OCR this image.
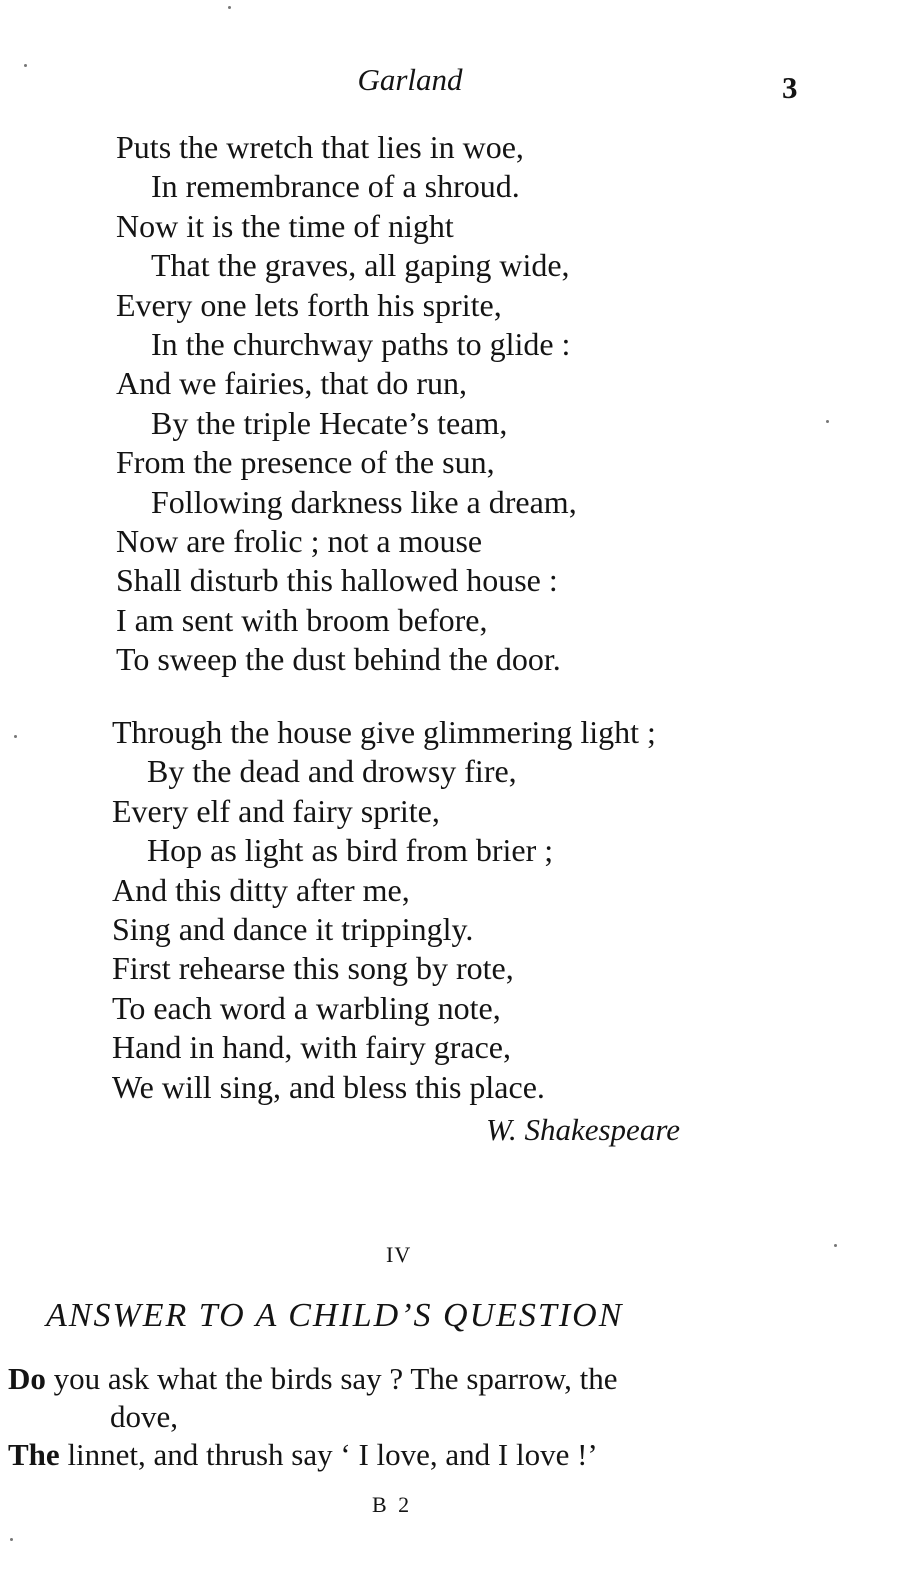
Garland	3
Puts the wretch that lies in woe,
In remembrance of a shroud.
Now it is the time of night
That the graves, all gaping wide,
Every one lets forth his sprite,
In the churchway paths to glide :
And we fairies, that do run,
By the triple Hecate’s team,
From the presence of the sun,
Following darkness like a dream,
Now are frolic ; not a mouse
Shall disturb this hallowed house :
I am sent with broom before,
To sweep the dust behind the door.
Through the house give glimmering light ;
By the dead and drowsy fire,
Every elf and fairy sprite,
Hop as light as bird from brier ;
And this ditty after me,
Sing and dance it trippingly.
First rehearse this song by rote,
To each word a warbling note,
Hand in hand, with fairy grace,
We will sing, and bless this place.
W. Shakespeare
IV
ANSWER TO A CHILD’S QUESTION
Do you ask what the birds say ? The sparrow, the
dove,
The linnet, and thrush say ‘ I love, and I love !’
B 2
